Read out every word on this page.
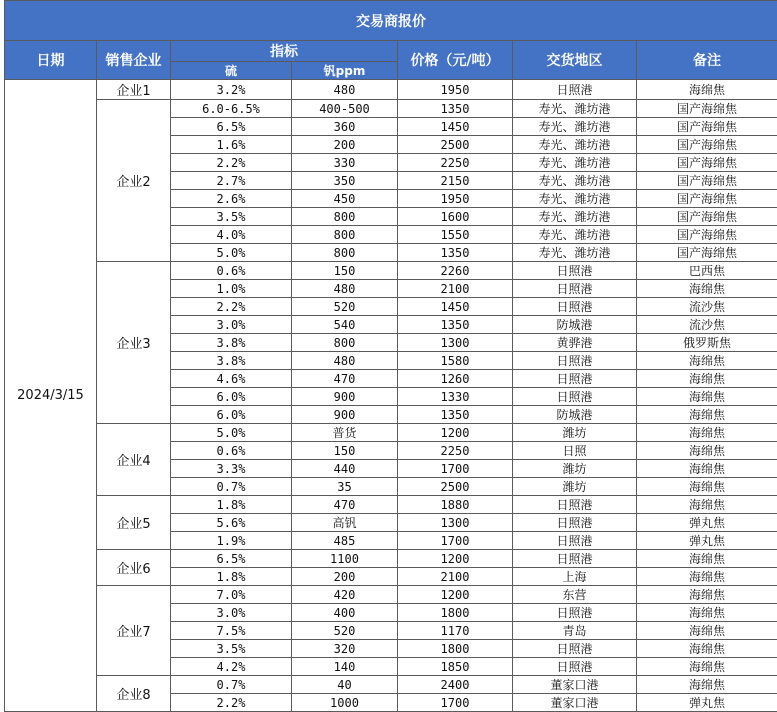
交易商报价						
日期	销售企业	指标		价格（元/吨）	交货地区	备注
		硫	钒ppm			
2024/3/15	企业1	3.2%	480	1950	日照港	海绵焦
	企业2	6.0-6.5%	400-500	1350	寿光、潍坊港	国产海绵焦
		6.5%	360	1450	寿光、潍坊港	国产海绵焦
		1.6%	200	2500	寿光、潍坊港	国产海绵焦
		2.2%	330	2250	寿光、潍坊港	国产海绵焦
		2.7%	350	2150	寿光、潍坊港	国产海绵焦
		2.6%	450	1950	寿光、潍坊港	国产海绵焦
		3.5%	800	1600	寿光、潍坊港	国产海绵焦
		4.0%	800	1550	寿光、潍坊港	国产海绵焦
		5.0%	800	1350	寿光、潍坊港	国产海绵焦
	企业3	0.6%	150	2260	日照港	巴西焦
		1.0%	480	2100	日照港	海绵焦
		2.2%	520	1450	日照港	流沙焦
		3.0%	540	1350	防城港	流沙焦
		3.8%	800	1300	黄骅港	俄罗斯焦
		3.8%	480	1580	日照港	海绵焦
		4.6%	470	1260	日照港	海绵焦
		6.0%	900	1330	日照港	海绵焦
		6.0%	900	1350	防城港	海绵焦
	企业4	5.0%	普货	1200	潍坊	海绵焦
		0.6%	150	2250	日照	海绵焦
		3.3%	440	1700	潍坊	海绵焦
		0.7%	35	2500	潍坊	海绵焦
	企业5	1.8%	470	1880	日照港	海绵焦
		5.6%	高钒	1300	日照港	弹丸焦
		1.9%	485	1700	日照港	弹丸焦
	企业6	6.5%	1100	1200	日照港	海绵焦
		1.8%	200	2100	上海	海绵焦
	企业7	7.0%	420	1200	东营	海绵焦
		3.0%	400	1800	日照港	海绵焦
		7.5%	520	1170	青岛	海绵焦
		3.5%	320	1800	日照港	海绵焦
		4.2%	140	1850	日照港	海绵焦
	企业8	0.7%	40	2400	董家口港	海绵焦
		2.2%	1000	1700	董家口港	弹丸焦
